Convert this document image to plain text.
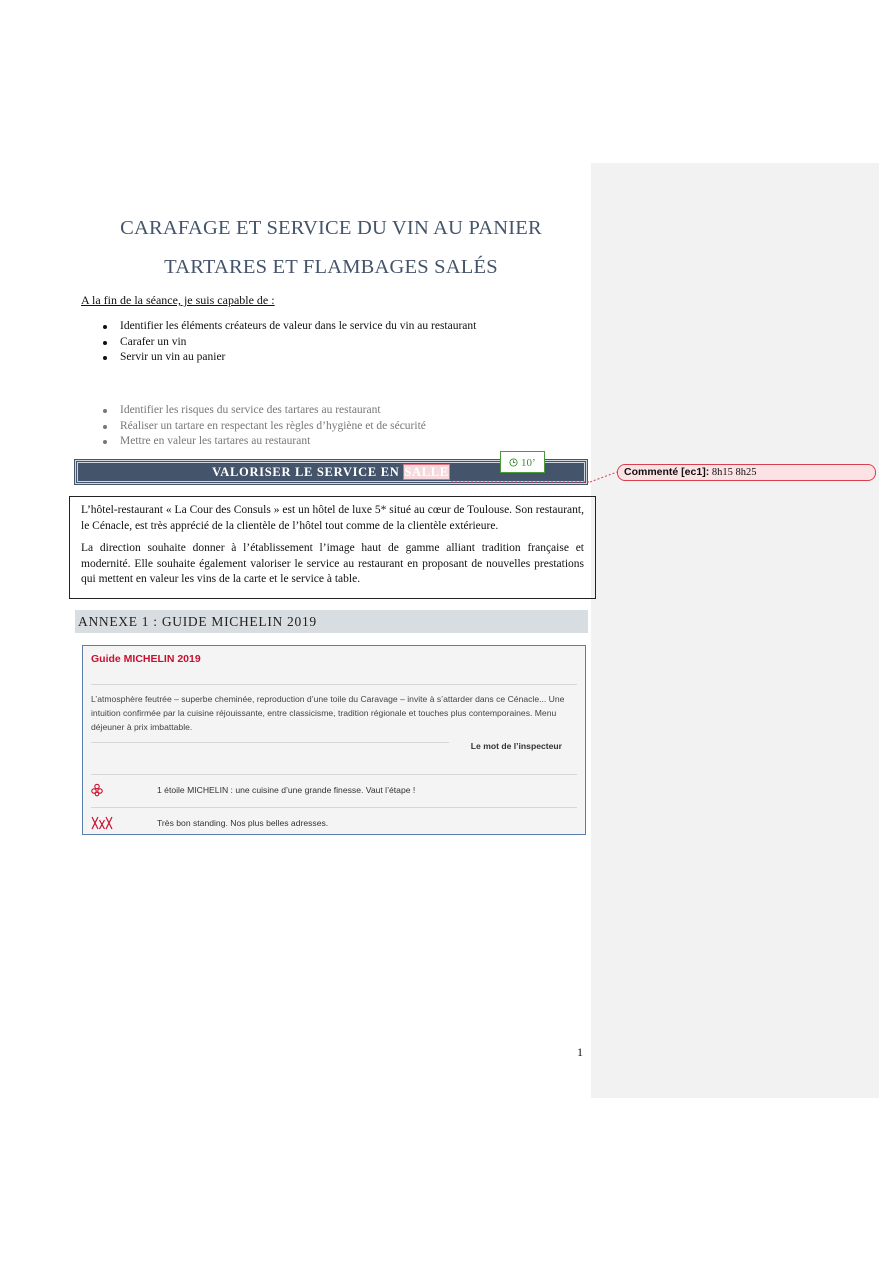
CARAFAGE ET SERVICE DU VIN AU PANIER
TARTARES ET FLAMBAGES SALÉS
A la fin de la séance, je suis capable de :
Identifier les éléments créateurs de valeur dans le service du vin au restaurant
Carafer un vin
Servir un vin au panier
Identifier les risques du service des tartares au restaurant
Réaliser un tartare en respectant les règles d’hygiène et de sécurité
Mettre en valeur les tartares au restaurant
VALORISER LE SERVICE EN SALLE
10’
Commenté [ec1]: 8h15 8h25

L’hôtel-restaurant « La Cour des Consuls » est un hôtel de luxe 5* situé au cœur de Toulouse. Son restaurant, le Cénacle, est très apprécié de la clientèle de l’hôtel tout comme de la clientèle extérieure.

La direction souhaite donner à l’établissement l’image haut de gamme alliant tradition française et modernité. Elle souhaite également valoriser le service au restaurant en proposant de nouvelles prestations qui mettent en valeur les vins de la carte et le service à table.

ANNEXE 1 : GUIDE MICHELIN 2019
Guide MICHELIN 2019
L’atmosphère feutrée – superbe cheminée, reproduction d’une toile du Caravage – invite à s’attarder dans ce Cénacle... Une intuition confirmée par la cuisine réjouissante, entre classicisme, tradition régionale et touches plus contemporaines. Menu déjeuner à prix imbattable.
Le mot de l’inspecteur
1 étoile MICHELIN : une cuisine d’une grande finesse. Vaut l’étape !
Très bon standing. Nos plus belles adresses.
1
